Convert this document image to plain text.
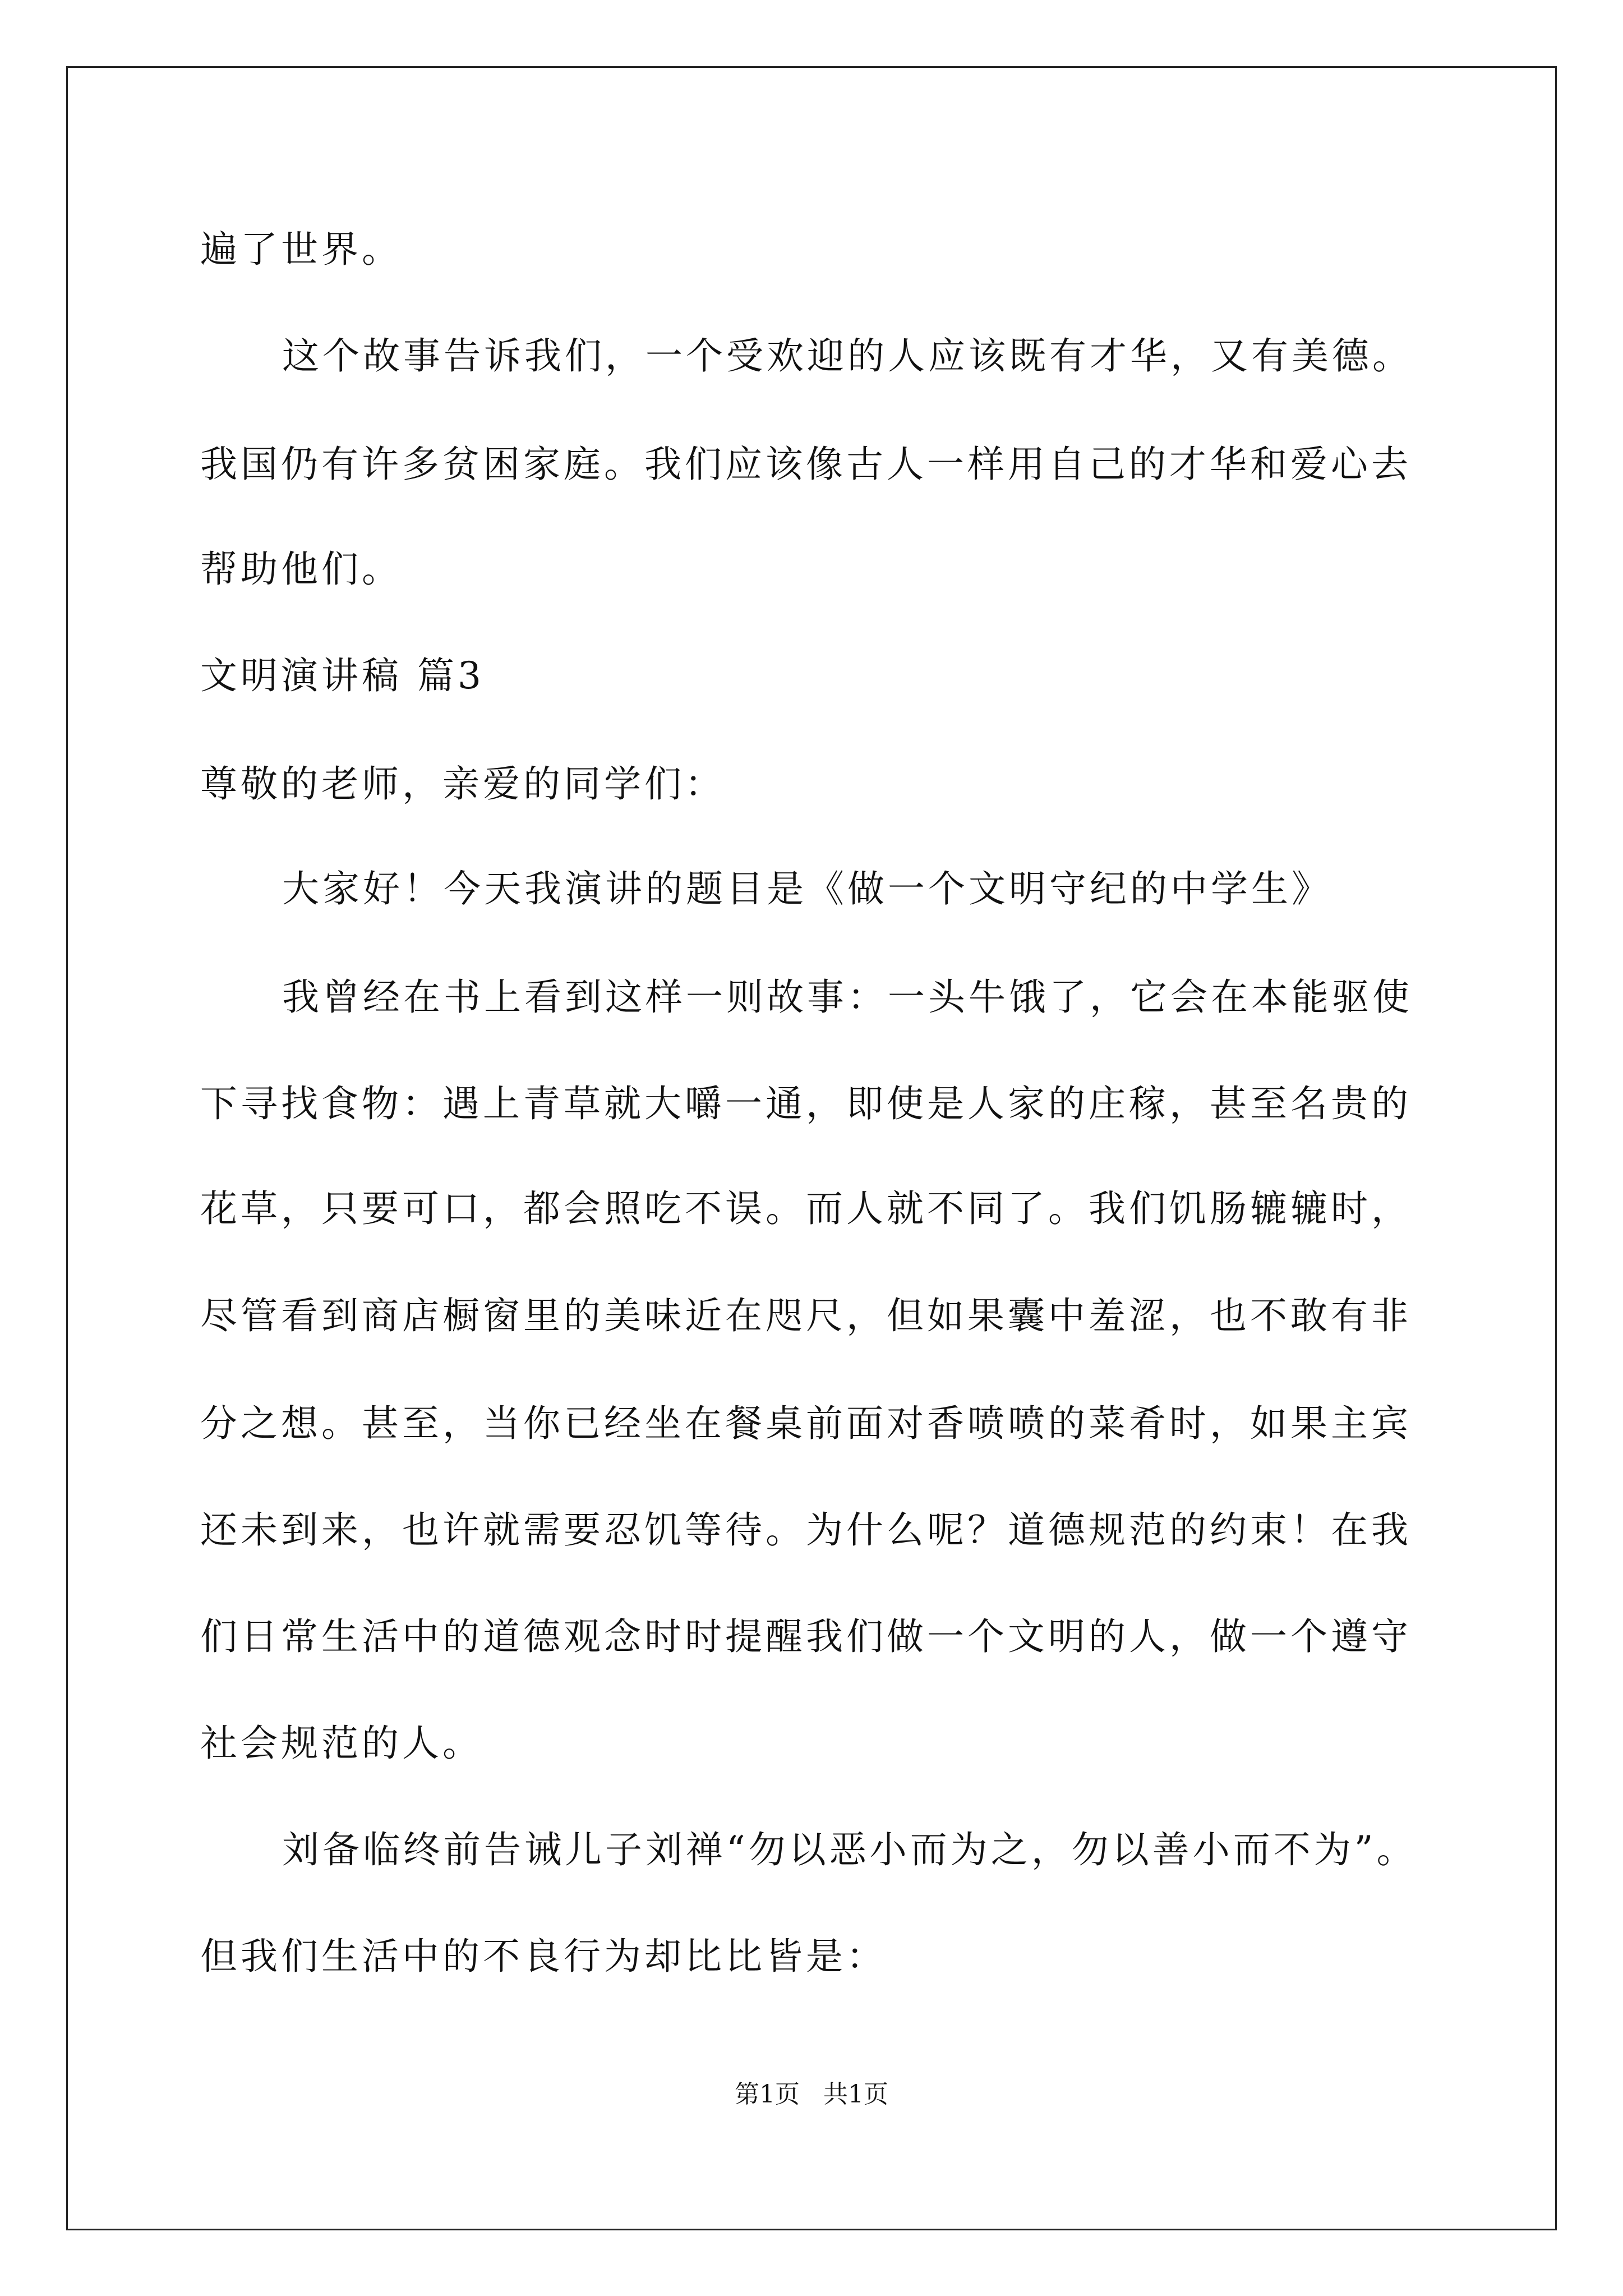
遍了世界。
这个故事告诉我们，一个受欢迎的人应该既有才华，又有美德。
我国仍有许多贫困家庭。我们应该像古人一样用自己的才华和爱心去
帮助他们。
文明演讲稿 篇3
尊敬的老师，亲爱的同学们：
大家好！今天我演讲的题目是《做一个文明守纪的中学生》
我曾经在书上看到这样一则故事：一头牛饿了，它会在本能驱使
下寻找食物：遇上青草就大嚼一通，即使是人家的庄稼，甚至名贵的
花草，只要可口，都会照吃不误。而人就不同了。我们饥肠辘辘时，
尽管看到商店橱窗里的美味近在咫尺，但如果囊中羞涩，也不敢有非
分之想。甚至，当你已经坐在餐桌前面对香喷喷的菜肴时，如果主宾
还未到来，也许就需要忍饥等待。为什么呢？道德规范的约束！在我
们日常生活中的道德观念时时提醒我们做一个文明的人，做一个遵守
社会规范的人。
刘备临终前告诫儿子刘禅“勿以恶小而为之，勿以善小而不为”。
但我们生活中的不良行为却比比皆是：
第1页   共1页
